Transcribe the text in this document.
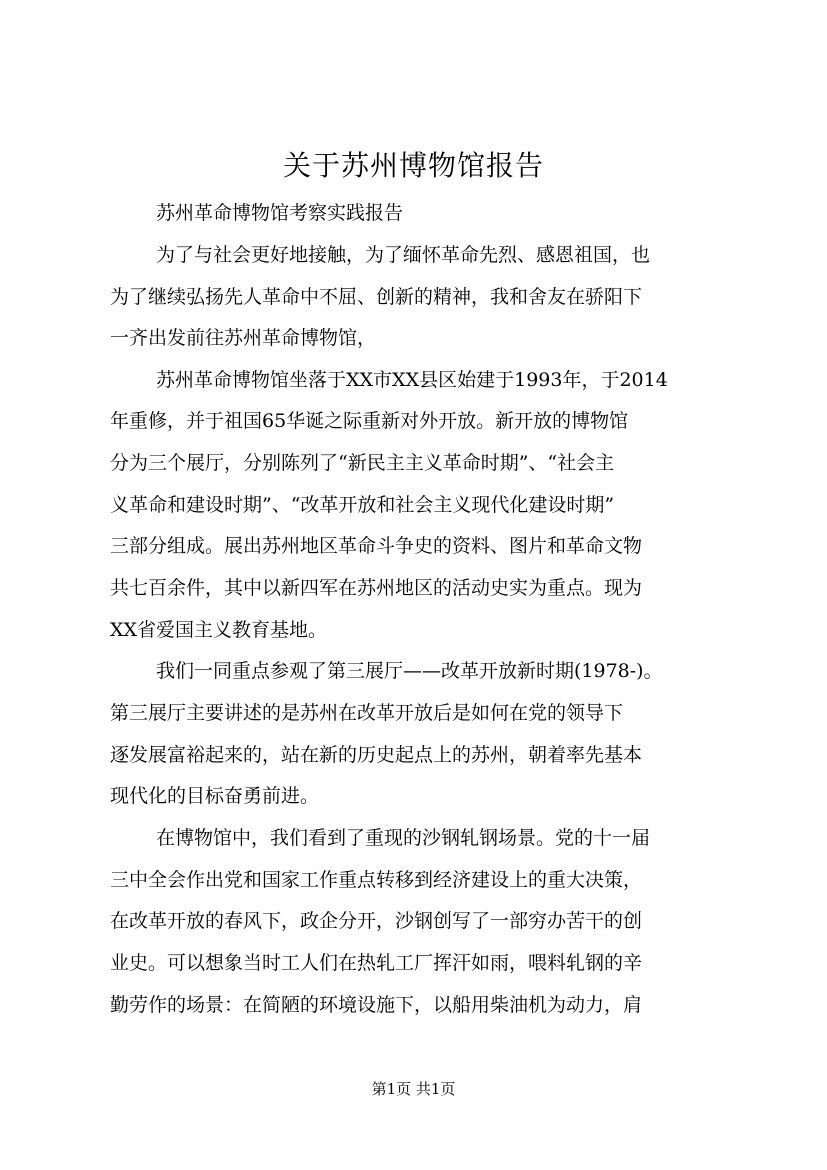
关于苏州博物馆报告
苏州革命博物馆考察实践报告
为了与社会更好地接触，为了缅怀革命先烈、感恩祖国，也
为了继续弘扬先人革命中不屈、创新的精神，我和舍友在骄阳下
一齐出发前往苏州革命博物馆，
苏州革命博物馆坐落于XX市XX县区始建于1993年，于2014
年重修，并于祖国65华诞之际重新对外开放。新开放的博物馆
分为三个展厅，分别陈列了“新民主主义革命时期”、“社会主
义革命和建设时期”、“改革开放和社会主义现代化建设时期”
三部分组成。展出苏州地区革命斗争史的资料、图片和革命文物
共七百余件，其中以新四军在苏州地区的活动史实为重点。现为
XX省爱国主义教育基地。
我们一同重点参观了第三展厅——改革开放新时期(1978-)。
第三展厅主要讲述的是苏州在改革开放后是如何在党的领导下
逐发展富裕起来的，站在新的历史起点上的苏州，朝着率先基本
现代化的目标奋勇前进。
在博物馆中，我们看到了重现的沙钢轧钢场景。党的十一届
三中全会作出党和国家工作重点转移到经济建设上的重大决策，
在改革开放的春风下，政企分开，沙钢创写了一部穷办苦干的创
业史。可以想象当时工人们在热轧工厂挥汗如雨，喂料轧钢的辛
勤劳作的场景：在简陋的环境设施下，以船用柴油机为动力，肩
第1页 共1页
